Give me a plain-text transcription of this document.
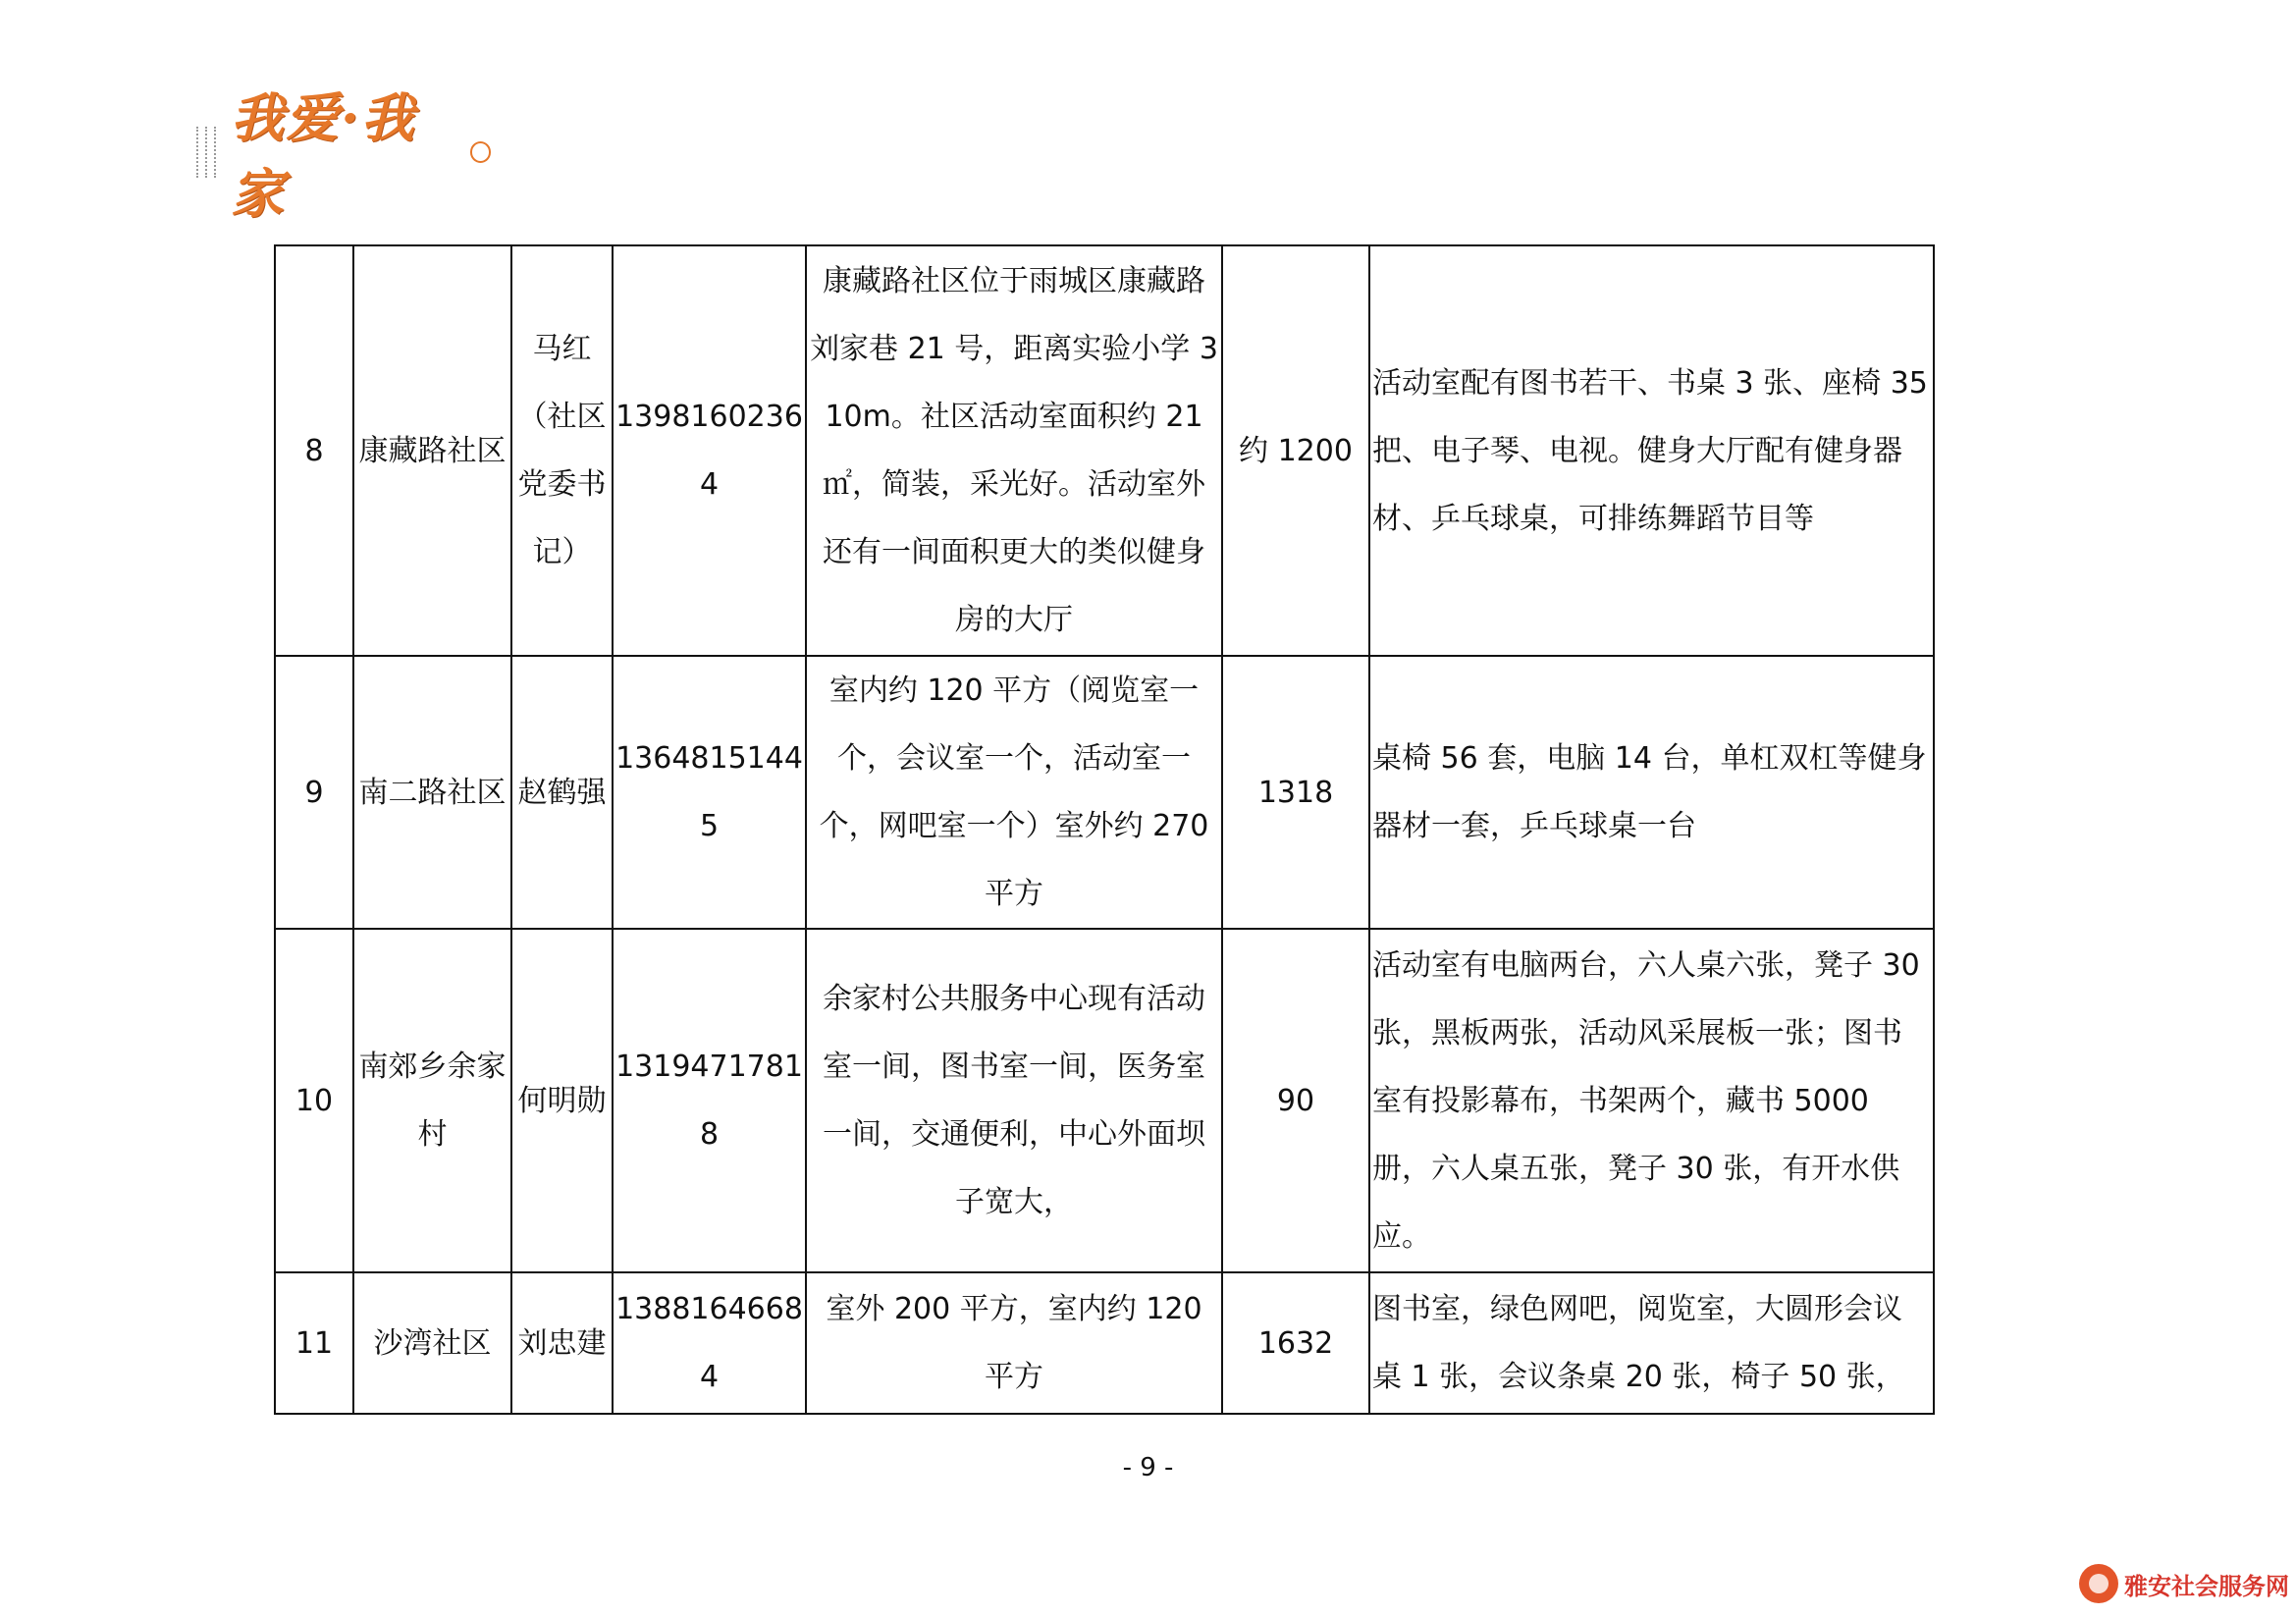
我爱·我家
8	康藏路社区	马红（社区党委书记）	13981602364	康藏路社区位于雨城区康藏路刘家巷 21 号，距离实验小学 310m。社区活动室面积约 21 ㎡，简装，采光好。活动室外还有一间面积更大的类似健身房的大厅	约 1200	活动室配有图书若干、书桌 3 张、座椅 35 把、电子琴、电视。健身大厅配有健身器材、乒乓球桌，可排练舞蹈节目等
9	南二路社区	赵鹤强	13648151445	室内约 120 平方（阅览室一个，会议室一个，活动室一个，网吧室一个）室外约 270 平方	1318	桌椅 56 套，电脑 14 台，单杠双杠等健身器材一套，乒乓球桌一台
10	南郊乡余家村	何明勋	13194717818	余家村公共服务中心现有活动室一间，图书室一间，医务室一间，交通便利，中心外面坝子宽大，	90	活动室有电脑两台，六人桌六张，凳子 30 张，黑板两张，活动风采展板一张；图书室有投影幕布，书架两个，藏书 5000 册，六人桌五张，凳子 30 张，有开水供应。
11	沙湾社区	刘忠建	13881646684	室外 200 平方，室内约 120 平方	1632	图书室，绿色网吧，阅览室，大圆形会议桌 1 张，会议条桌 20 张，椅子 50 张，
- 9 -
雅安社会服务网
